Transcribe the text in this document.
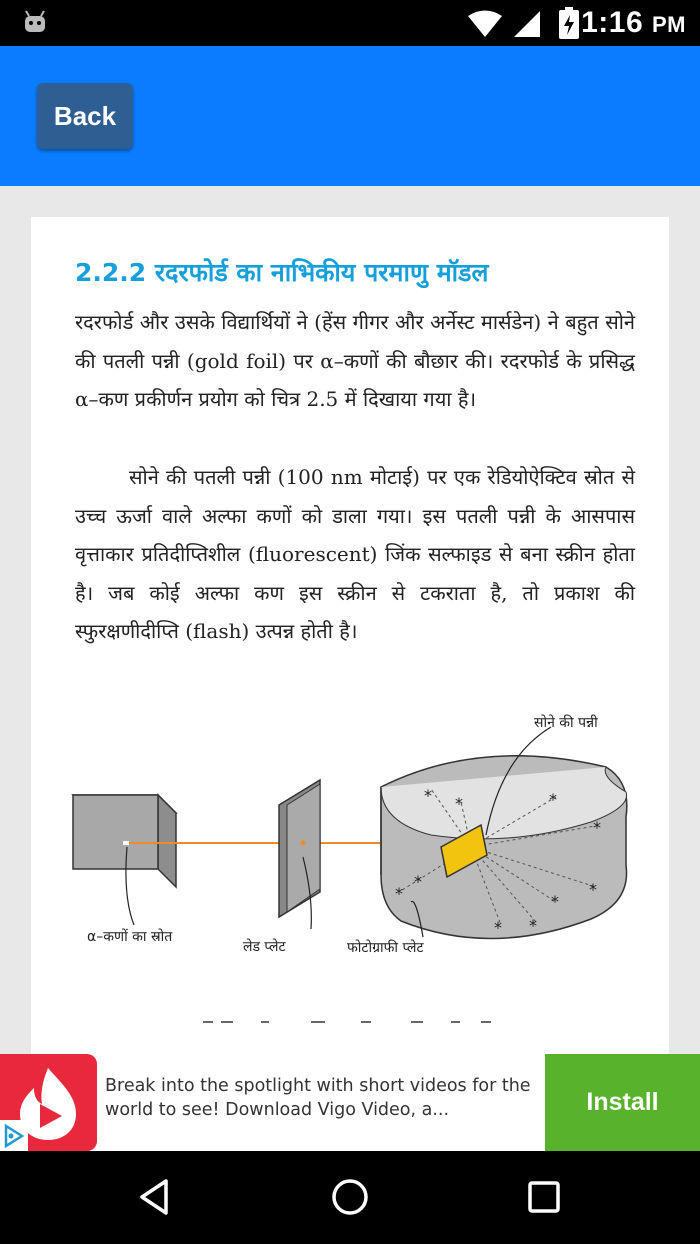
1:16 PM
Back
2.2.2 रदरफोर्ड का नाभिकीय परमाणु मॉडल

रदरफोर्ड और उसके विद्यार्थियों ने (हेंस गीगर और अर्नेस्ट मार्सडेन) ने बहुत सोने की पतली पन्नी (gold foil) पर α–कणों की बौछार की। रदरफोर्ड के प्रसिद्ध α–कण प्रकीर्णन प्रयोग को चित्र 2.5 में दिखाया गया है।

सोने की पतली पन्नी (100 nm मोटाई) पर एक रेडियोऐक्टिव स्रोत से उच्च ऊर्जा वाले अल्फा कणों को डाला गया। इस पतली पन्नी के आसपास वृत्ताकार प्रतिदीप्तिशील (fluorescent) जिंक सल्फाइड से बना स्क्रीन होता है। जब कोई अल्फा कण इस स्क्रीन से टकराता है, तो प्रकाश की स्फुरक्षणीदीप्ति (flash) उत्पन्न होती है।

* *	*
*
*
* *
*
*
*
सोने की पन्नी
α–कणों का स्रोत
लेड प्लेट	फोटोग्राफी प्लेट

Break into the spotlight with short videos for the world to see! Download Vigo Video, a...	Install
